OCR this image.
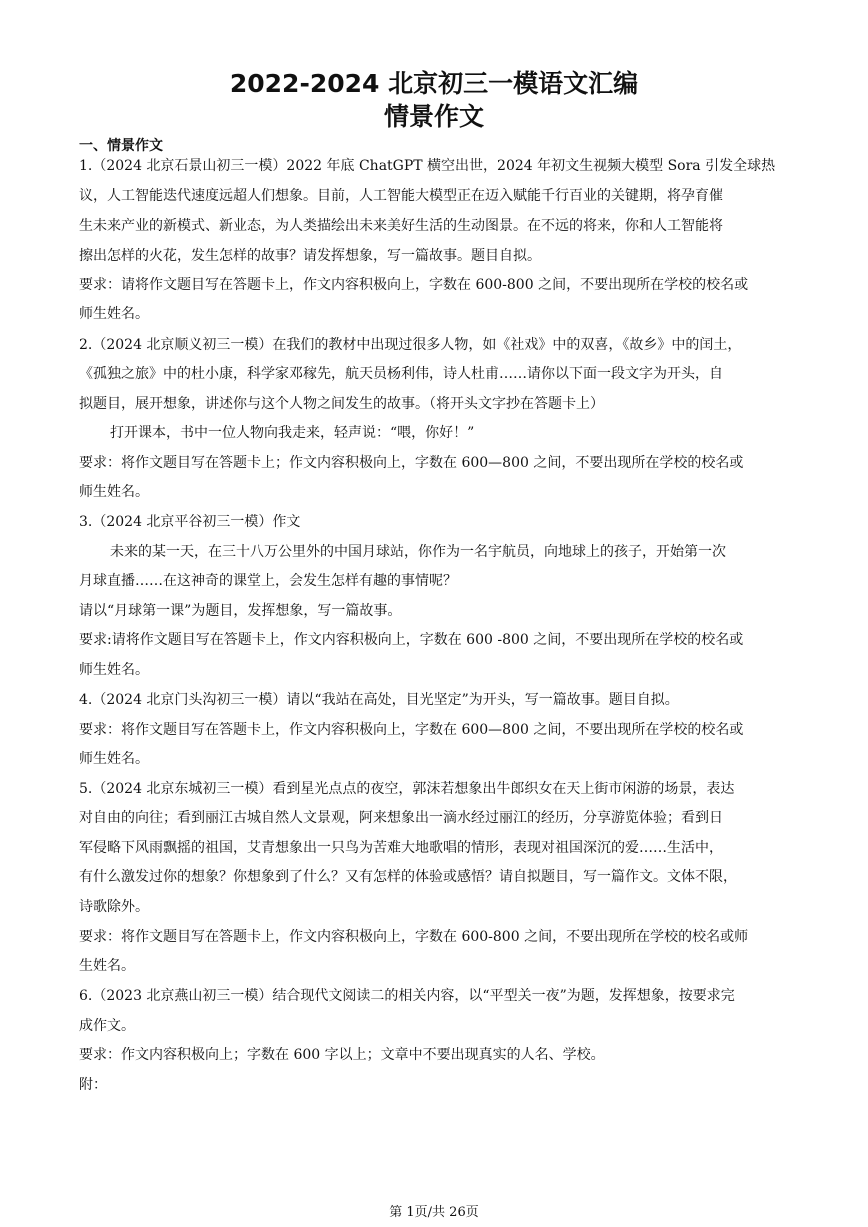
2022-2024 北京初三一模语文汇编
情景作文
一、情景作文
1.（2024 北京石景山初三一模）2022 年底 ChatGPT 横空出世，2024 年初文生视频大模型 Sora 引发全球热
议，人工智能迭代速度远超人们想象。目前，人工智能大模型正在迈入赋能千行百业的关键期，将孕育催
生未来产业的新模式、新业态，为人类描绘出未来美好生活的生动图景。在不远的将来，你和人工智能将
擦出怎样的火花，发生怎样的故事？请发挥想象，写一篇故事。题目自拟。
要求：请将作文题目写在答题卡上，作文内容积极向上，字数在 600-800 之间，不要出现所在学校的校名或
师生姓名。
2.（2024 北京顺义初三一模）在我们的教材中出现过很多人物，如《社戏》中的双喜，《故乡》中的闰土，
《孤独之旅》中的杜小康，科学家邓稼先，航天员杨利伟，诗人杜甫……请你以下面一段文字为开头，自
拟题目，展开想象，讲述你与这个人物之间发生的故事。（将开头文字抄在答题卡上）
打开课本，书中一位人物向我走来，轻声说：“喂，你好！”
要求：将作文题目写在答题卡上；作文内容积极向上，字数在 600—800 之间，不要出现所在学校的校名或
师生姓名。
3.（2024 北京平谷初三一模）作文
未来的某一天，在三十八万公里外的中国月球站，你作为一名宇航员，向地球上的孩子，开始第一次
月球直播……在这神奇的课堂上，会发生怎样有趣的事情呢？
请以“月球第一课”为题目，发挥想象，写一篇故事。
要求:请将作文题目写在答题卡上，作文内容积极向上，字数在 600 -800 之间，不要出现所在学校的校名或
师生姓名。
4.（2024 北京门头沟初三一模）请以“我站在高处，目光坚定”为开头，写一篇故事。题目自拟。
要求：将作文题目写在答题卡上，作文内容积极向上，字数在 600—800 之间，不要出现所在学校的校名或
师生姓名。
5.（2024 北京东城初三一模）看到星光点点的夜空，郭沫若想象出牛郎织女在天上街市闲游的场景，表达
对自由的向往；看到丽江古城自然人文景观，阿来想象出一滴水经过丽江的经历，分享游览体验；看到日
军侵略下风雨飘摇的祖国，艾青想象出一只鸟为苦难大地歌唱的情形，表现对祖国深沉的爱……生活中，
有什么激发过你的想象？你想象到了什么？又有怎样的体验或感悟？请自拟题目，写一篇作文。文体不限，
诗歌除外。
要求：将作文题目写在答题卡上，作文内容积极向上，字数在 600-800 之间，不要出现所在学校的校名或师
生姓名。
6.（2023 北京燕山初三一模）结合现代文阅读二的相关内容，以“平型关一夜”为题，发挥想象，按要求完
成作文。
要求：作文内容积极向上；字数在 600 字以上；文章中不要出现真实的人名、学校。
附：
第 1页/共 26页
